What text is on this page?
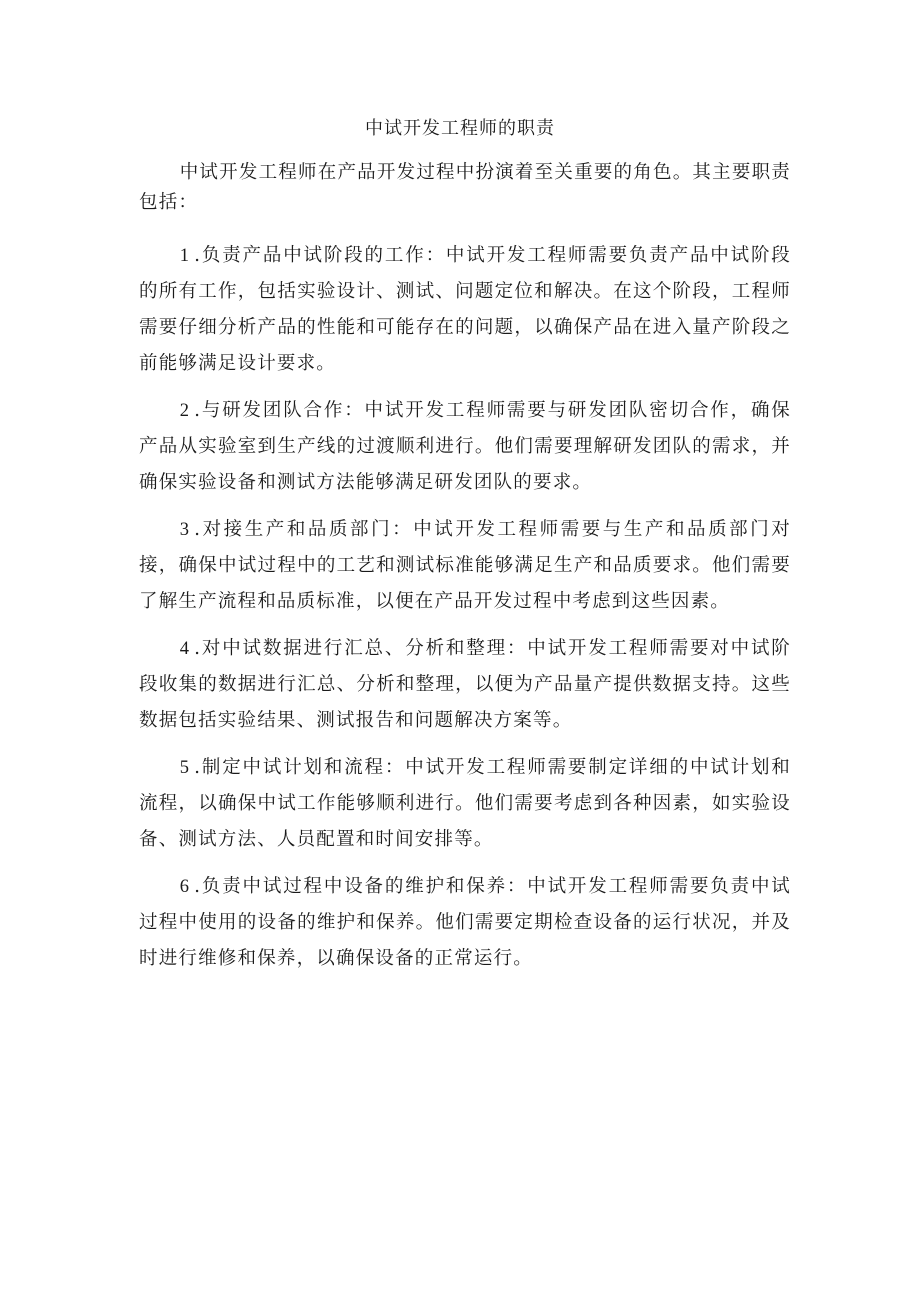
中试开发工程师的职责

中试开发工程师在产品开发过程中扮演着至关重要的角色。其主要职责包括：

1 .负责产品中试阶段的工作：中试开发工程师需要负责产品中试阶段的所有工作，包括实验设计、测试、问题定位和解决。在这个阶段，工程师需要仔细分析产品的性能和可能存在的问题，以确保产品在进入量产阶段之前能够满足设计要求。

2 .与研发团队合作：中试开发工程师需要与研发团队密切合作，确保产品从实验室到生产线的过渡顺利进行。他们需要理解研发团队的需求，并确保实验设备和测试方法能够满足研发团队的要求。

3 .对接生产和品质部门：中试开发工程师需要与生产和品质部门对接，确保中试过程中的工艺和测试标准能够满足生产和品质要求。他们需要了解生产流程和品质标准，以便在产品开发过程中考虑到这些因素。

4 .对中试数据进行汇总、分析和整理：中试开发工程师需要对中试阶段收集的数据进行汇总、分析和整理，以便为产品量产提供数据支持。这些数据包括实验结果、测试报告和问题解决方案等。

5 .制定中试计划和流程：中试开发工程师需要制定详细的中试计划和流程，以确保中试工作能够顺利进行。他们需要考虑到各种因素，如实验设备、测试方法、人员配置和时间安排等。

6 .负责中试过程中设备的维护和保养：中试开发工程师需要负责中试过程中使用的设备的维护和保养。他们需要定期检查设备的运行状况，并及时进行维修和保养，以确保设备的正常运行。
